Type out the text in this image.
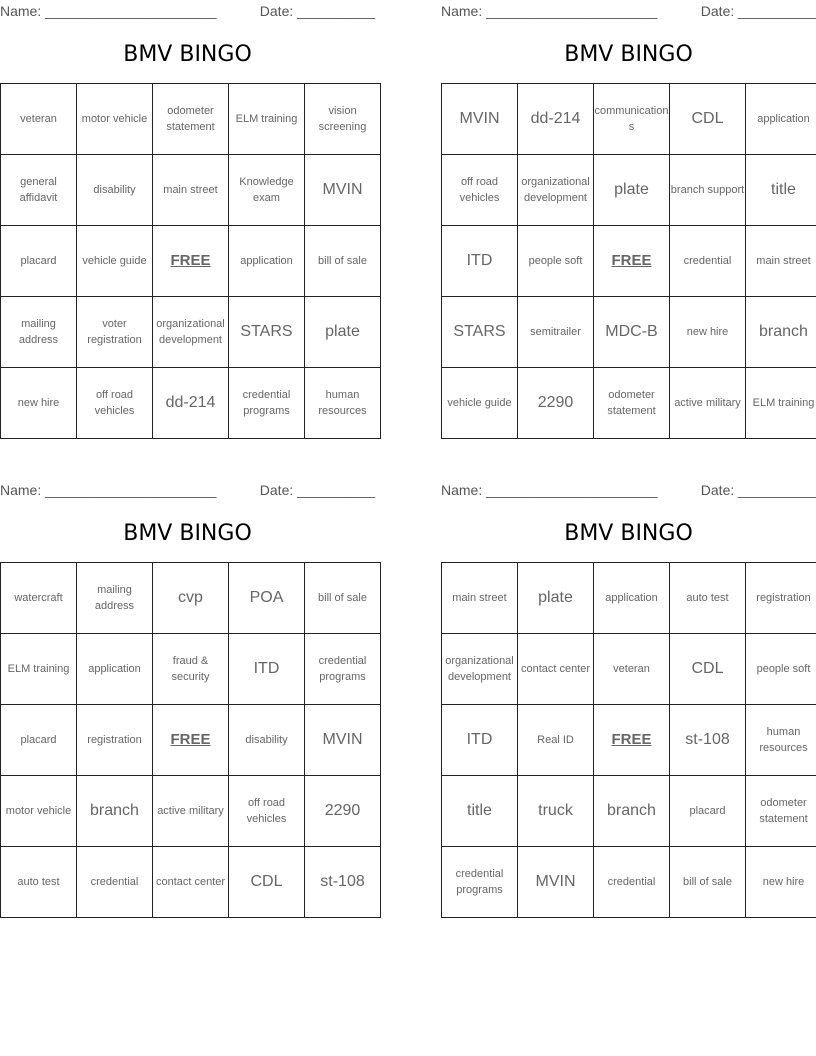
Name: ______________________	Date: __________
BMV BINGO
veteran	motor vehicle	odometer statement	ELM training	vision screening
general affidavit	disability	main street	Knowledge exam	MVIN
placard	vehicle guide	FREE	application	bill of sale
mailing address	voter registration	organizational development	STARS	plate
new hire	off road vehicles	dd-214	credential programs	human resources
Name: ______________________	Date: __________
BMV BINGO
MVIN	dd-214	communications	CDL	application
off road vehicles	organizational development	plate	branch support	title
ITD	people soft	FREE	credential	main street
STARS	semitrailer	MDC-B	new hire	branch
vehicle guide	2290	odometer statement	active military	ELM training
Name: ______________________	Date: __________
BMV BINGO
watercraft	mailing address	cvp	POA	bill of sale
ELM training	application	fraud & security	ITD	credential programs
placard	registration	FREE	disability	MVIN
motor vehicle	branch	active military	off road vehicles	2290
auto test	credential	contact center	CDL	st-108
Name: ______________________	Date: __________
BMV BINGO
main street	plate	application	auto test	registration
organizational development	contact center	veteran	CDL	people soft
ITD	Real ID	FREE	st-108	human resources
title	truck	branch	placard	odometer statement
credential programs	MVIN	credential	bill of sale	new hire
